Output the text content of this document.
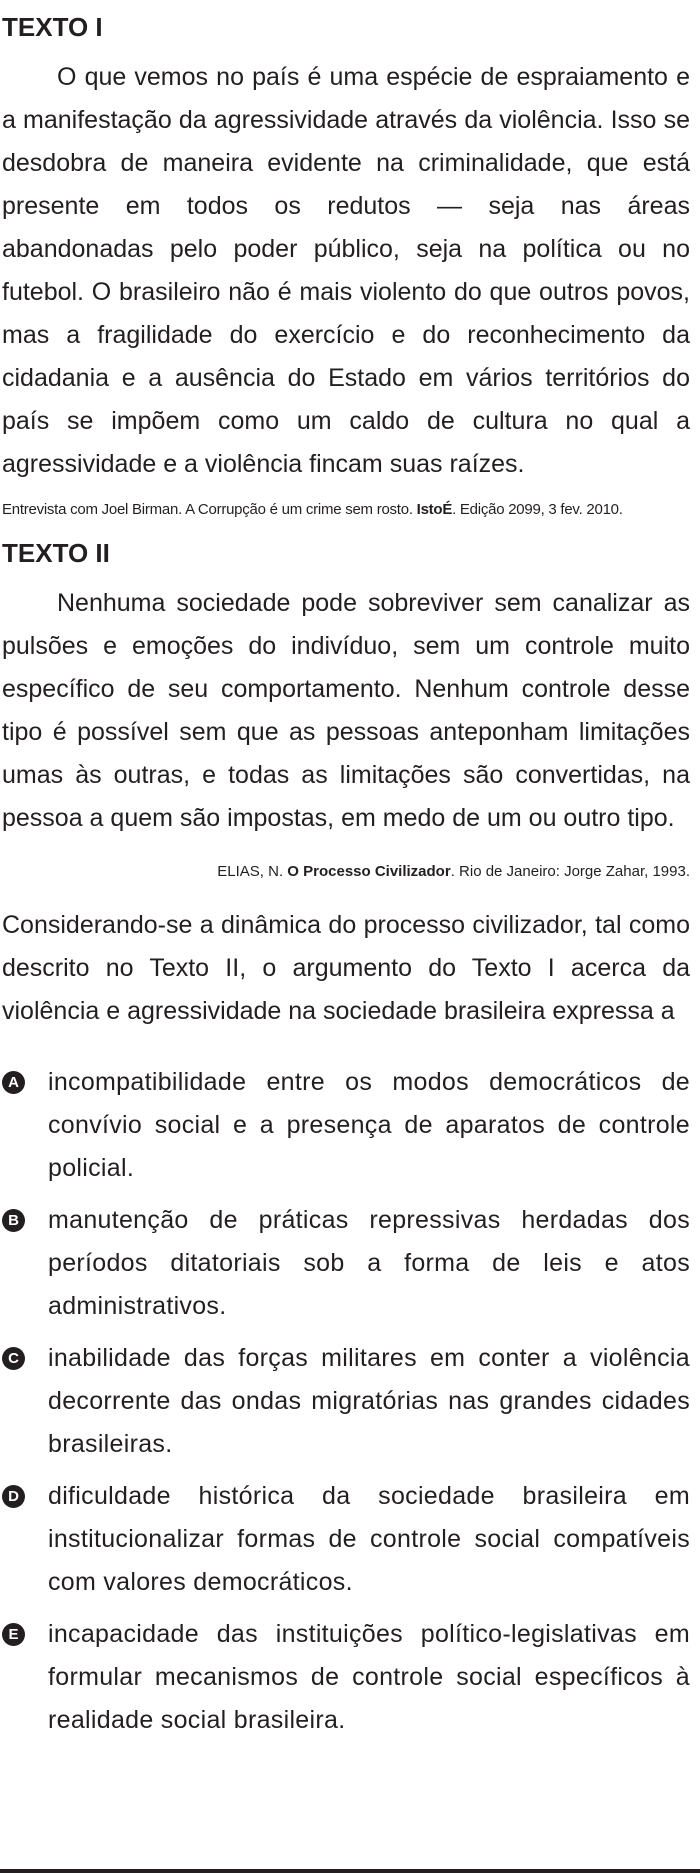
TEXTO I

O que vemos no país é uma espécie de espraiamento e a manifestação da agressividade através da violência. Isso se desdobra de maneira evidente na criminalidade, que está presente em todos os redutos — seja nas áreas abandonadas pelo poder público, seja na política ou no futebol. O brasileiro não é mais violento do que outros povos, mas a fragilidade do exercício e do reconhecimento da cidadania e a ausência do Estado em vários territórios do país se impõem como um caldo de cultura no qual a agressividade e a violência fincam suas raízes.

Entrevista com Joel Birman. A Corrupção é um crime sem rosto. IstoÉ. Edição 2099, 3 fev. 2010.

TEXTO II

Nenhuma sociedade pode sobreviver sem canalizar as pulsões e emoções do indivíduo, sem um controle muito específico de seu comportamento. Nenhum controle desse tipo é possível sem que as pessoas anteponham limitações umas às outras, e todas as limitações são convertidas, na pessoa a quem são impostas, em medo de um ou outro tipo.

ELIAS, N. O Processo Civilizador. Rio de Janeiro: Jorge Zahar, 1993.

Considerando-se a dinâmica do processo civilizador, tal como descrito no Texto II, o argumento do Texto I acerca da violência e agressividade na sociedade brasileira expressa a

A incompatibilidade entre os modos democráticos de convívio social e a presença de aparatos de controle policial.
B manutenção de práticas repressivas herdadas dos períodos ditatoriais sob a forma de leis e atos administrativos.
C inabilidade das forças militares em conter a violência decorrente das ondas migratórias nas grandes cidades brasileiras.
D dificuldade histórica da sociedade brasileira em institucionalizar formas de controle social compatíveis com valores democráticos.
E incapacidade das instituições político-legislativas em formular mecanismos de controle social específicos à realidade social brasileira.
